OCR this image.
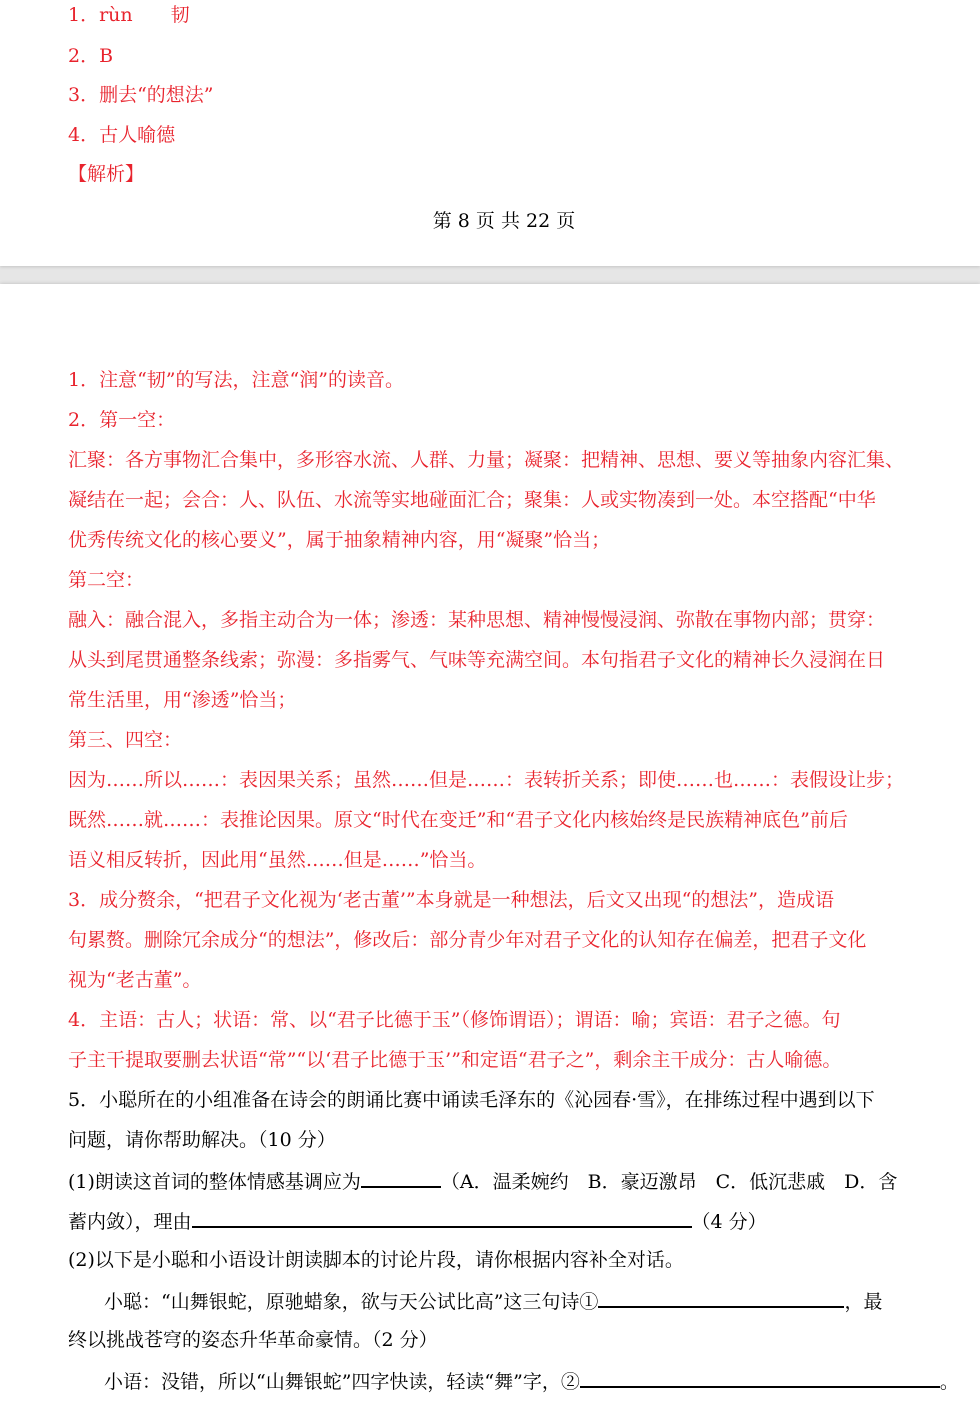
1．rùn　　韧
2．B
3．删去“的想法”
4．古人喻德
【解析】
第 8 页 共 22 页
1．注意“韧”的写法，注意“润”的读音。
2．第一空：
汇聚：各方事物汇合集中，多形容水流、人群、力量；凝聚：把精神、思想、要义等抽象内容汇集、
凝结在一起；会合：人、队伍、水流等实地碰面汇合；聚集：人或实物凑到一处。本空搭配“中华
优秀传统文化的核心要义”，属于抽象精神内容，用“凝聚”恰当；
第二空：
融入：融合混入，多指主动合为一体；渗透：某种思想、精神慢慢浸润、弥散在事物内部；贯穿：
从头到尾贯通整条线索；弥漫：多指雾气、气味等充满空间。本句指君子文化的精神长久浸润在日
常生活里，用“渗透”恰当；
第三、四空：
因为……所以……：表因果关系；虽然……但是……：表转折关系；即使……也……：表假设让步；
既然……就……：表推论因果。原文“时代在变迁”和“君子文化内核始终是民族精神底色”前后
语义相反转折，因此用“虽然……但是……”恰当。
3．成分赘余，“把君子文化视为‘老古董’”本身就是一种想法，后文又出现“的想法”，造成语
句累赘。删除冗余成分“的想法”，修改后：部分青少年对君子文化的认知存在偏差，把君子文化
视为“老古董”。
4．主语：古人；状语：常、以“君子比德于玉”（修饰谓语）；谓语：喻；宾语：君子之德。句
子主干提取要删去状语“常”“以‘君子比德于玉’”和定语“君子之”，剩余主干成分：古人喻德。
5．小聪所在的小组准备在诗会的朗诵比赛中诵读毛泽东的《沁园春·雪》，在排练过程中遇到以下
问题，请你帮助解决。（10 分）
(1)朗读这首词的整体情感基调应为	（A．温柔婉约　B．豪迈激昂　C．低沉悲戚　D．含
蓄内敛），理由	（4 分）
(2)以下是小聪和小语设计朗读脚本的讨论片段，请你根据内容补全对话。
小聪：“山舞银蛇，原驰蜡象，欲与天公试比高”这三句诗①	，最
终以挑战苍穹的姿态升华革命豪情。（2 分）
小语：没错，所以“山舞银蛇”四字快读，轻读“舞”字，②	。
